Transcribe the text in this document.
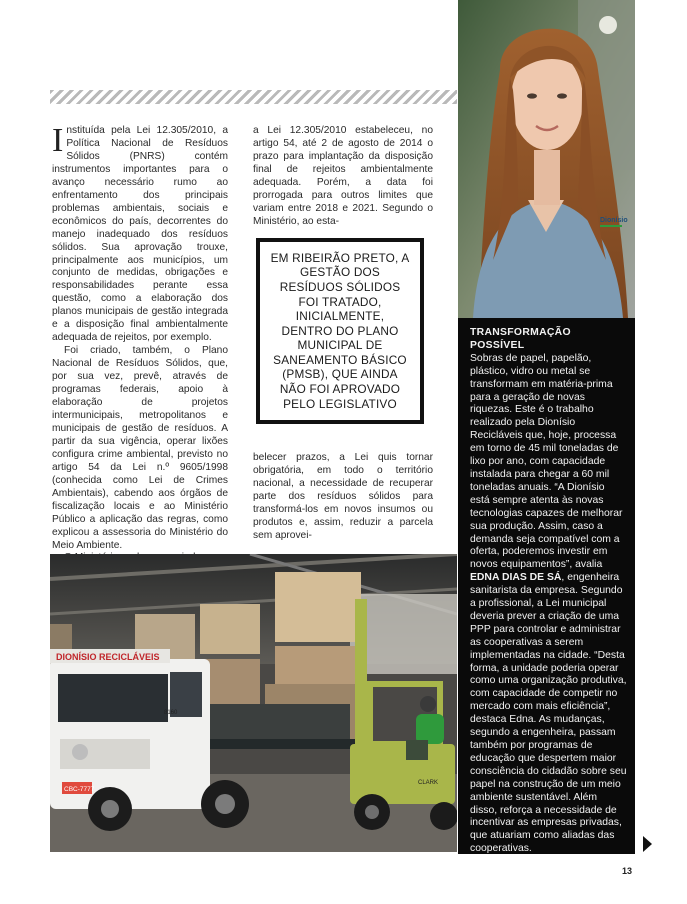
Instituída pela Lei 12.305/2010, a Política Nacional de Resíduos Sólidos (PNRS) contém instrumentos importantes para o avanço necessário rumo ao enfrentamento dos principais problemas ambientais, sociais e econômicos do país, decorrentes do manejo inadequado dos resíduos sólidos. Sua aprovação trouxe, principalmente aos municípios, um conjunto de medidas, obrigações e responsabilidades perante essa questão, como a elaboração dos planos municipais de gestão integrada e a disposição final ambientalmente adequada de rejeitos, por exemplo.

Foi criado, também, o Plano Nacional de Resíduos Sólidos, que, por sua vez, prevê, através de programas federais, apoio à elaboração de projetos intermunicipais, metropolitanos e municipais de gestão de resíduos. A partir da sua vigência, operar lixões configura crime ambiental, previsto no artigo 54 da Lei n.º 9605/1998 (conhecida como Lei de Crimes Ambientais), cabendo aos órgãos de fiscalização locais e ao Ministério Público a aplicação das regras, como explicou a assessoria do Ministério do Meio Ambiente.

a Lei 12.305/2010 estabeleceu, no artigo 54, até 2 de agosto de 2014 o prazo para implantação da disposição final de rejeitos ambientalmente adequada. Porém, a data foi prorrogada para outros limites que variam entre 2018 e 2021. Segundo o Ministério, ao esta-

EM RIBEIRÃO PRETO, A GESTÃO DOS RESÍDUOS SÓLIDOS FOI TRATADO, INICIALMENTE, DENTRO DO PLANO MUNICIPAL DE SANEAMENTO BÁSICO (PMSB), QUE AINDA NÃO FOI APROVADO PELO LEGISLATIVO

belecer prazos, a Lei quis tornar obrigatória, em todo o território nacional, a necessidade de recuperar parte dos resíduos sólidos para transformá-los em novos insumos ou produtos e, assim, reduzir a parcela sem aprovei-

Dionísio
TRANSFORMAÇÃO POSSÍVEL
Sobras de papel, papelão, plástico, vidro ou metal se transformam em matéria-prima para a geração de novas riquezas. Este é o trabalho realizado pela Dionísio Recicláveis que, hoje, processa em torno de 45 mil toneladas de lixo por ano, com capacidade instalada para chegar a 60 mil toneladas anuais. “A Dionísio está sempre atenta às novas tecnologias capazes de melhorar sua produção. Assim, caso a demanda seja compatível com a oferta, poderemos investir em novos equipamentos”, avalia EDNA DIAS DE SÁ, engenheira sanitarista da empresa. Segundo a profissional, a Lei municipal deveria prever a criação de uma PPP para controlar e administrar as cooperativas a serem implementadas na cidade. “Desta forma, a unidade poderia operar como uma organização produtiva, com capacidade de competir no mercado com mais eficiência”, destaca Edna. As mudanças, segundo a engenheira, passam também por programas de educação que despertem maior consciência do cidadão sobre seu papel na construção de um meio ambiente sustentável. Além disso, reforça a necessidade de incentivar as empresas privadas, que atuariam como aliadas das cooperativas.
DIONÍSIO RECICLÁVEIS
CBC-7777
8160
CLARK
13
